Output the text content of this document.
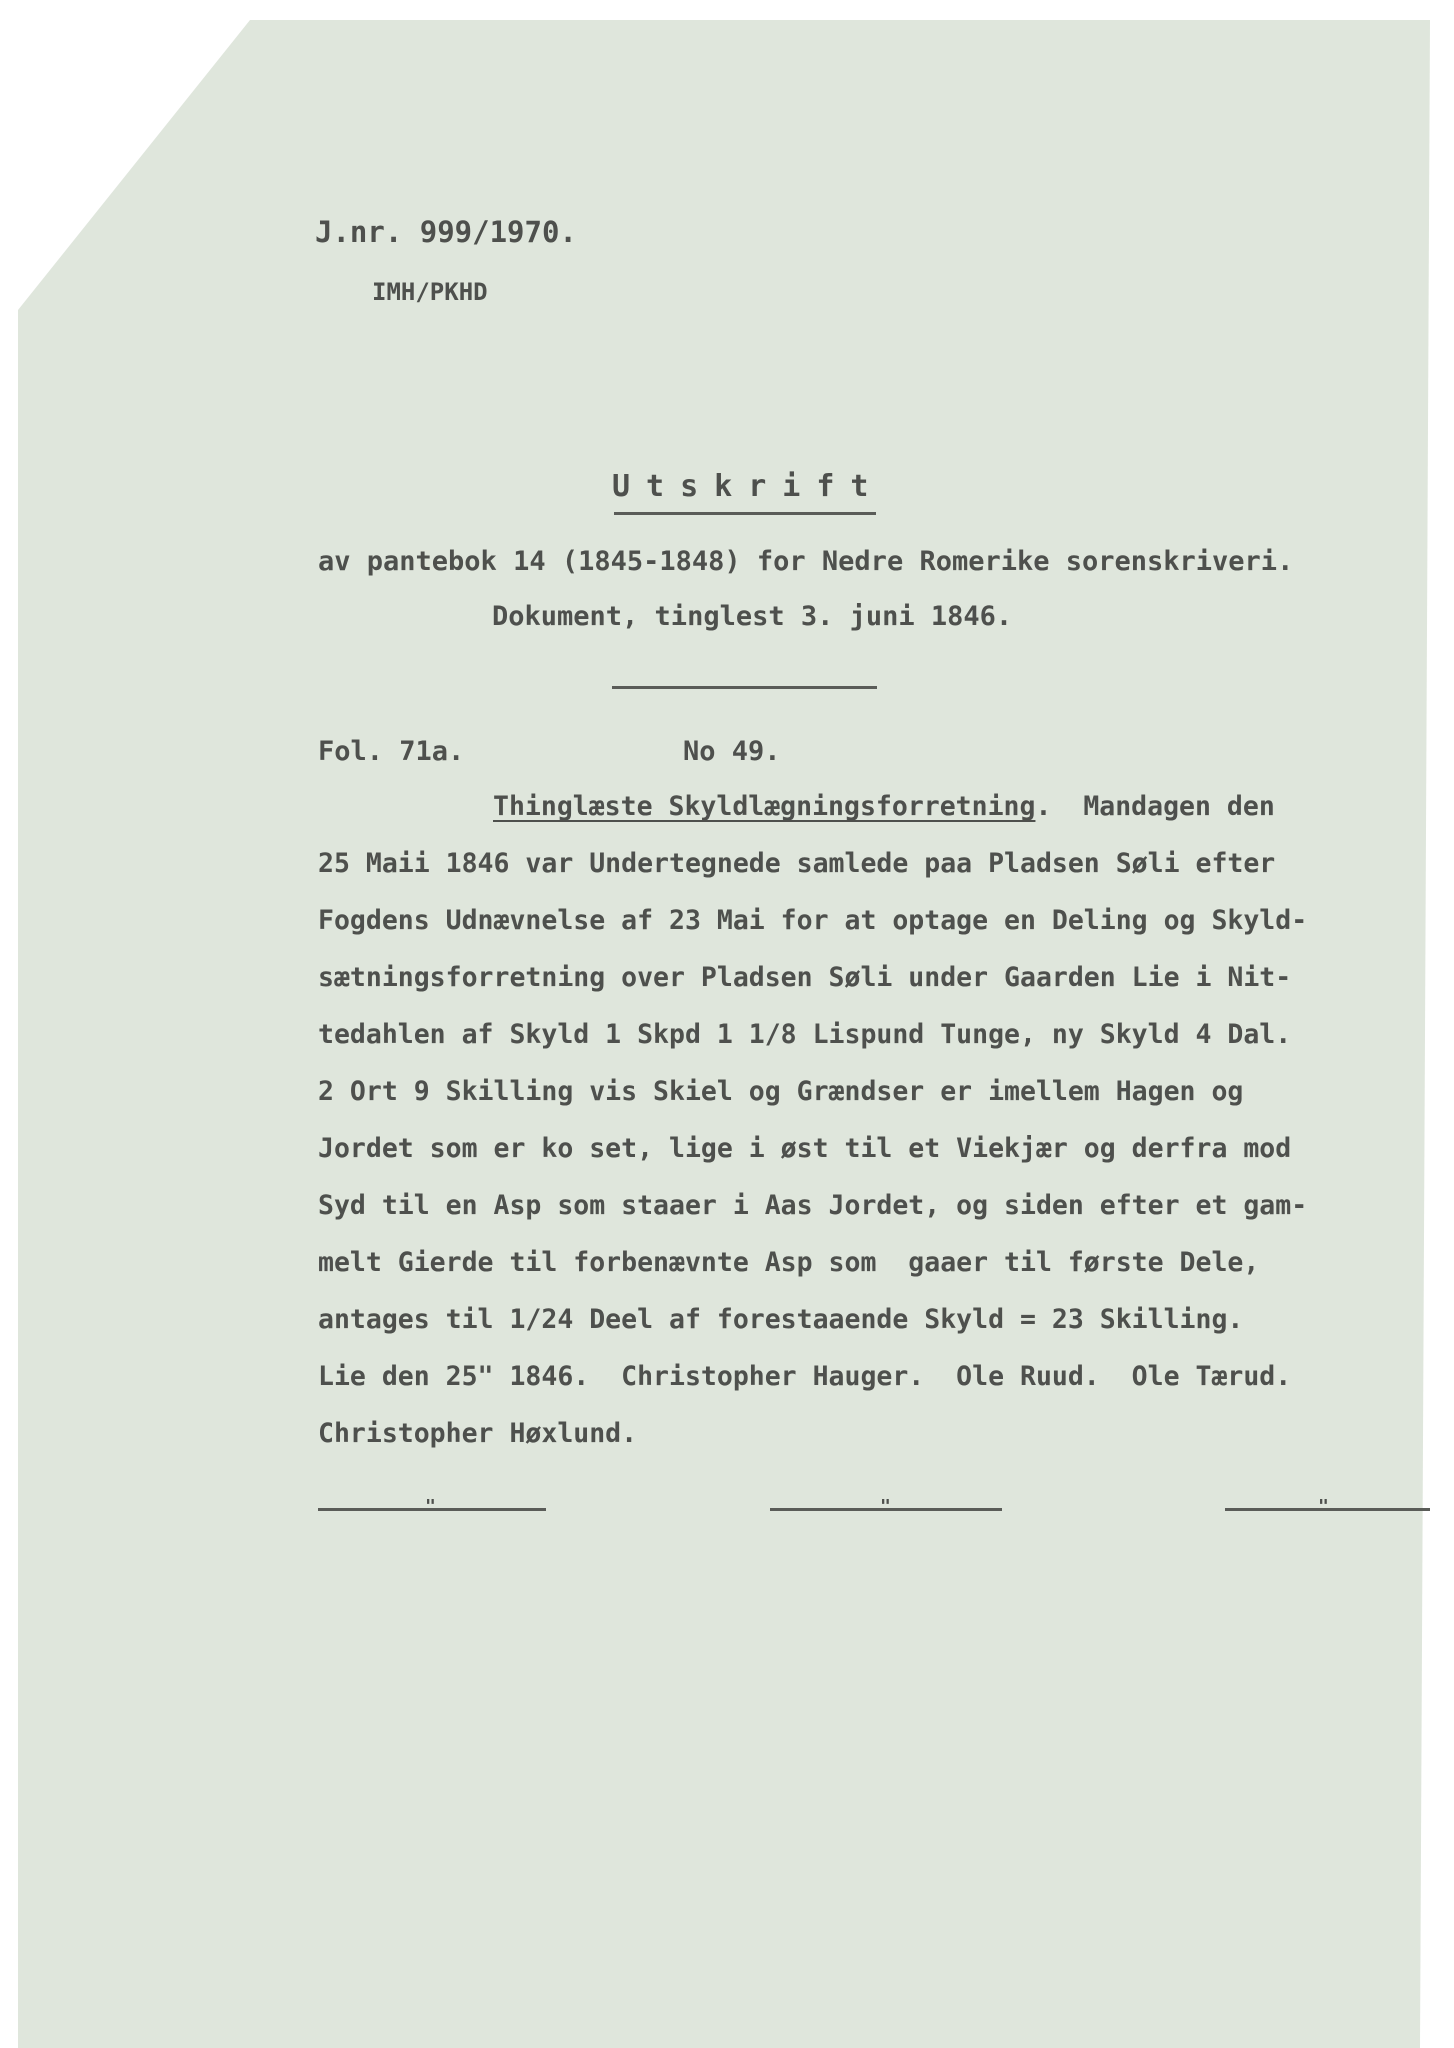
J.nr. 999/1970.
IMH/PKHD
Utskrift
av pantebok 14 (1845-1848) for Nedre Romerike sorenskriveri.
Dokument, tinglest 3. juni 1846.
Fol. 71a.	No 49.
Thinglæste Skyldlægningsforretning.  Mandagen den
25 Maii 1846 var Undertegnede samlede paa Pladsen Søli efter
Fogdens Udnævnelse af 23 Mai for at optage en Deling og Skyld-
sætningsforretning over Pladsen Søli under Gaarden Lie i Nit-
tedahlen af Skyld 1 Skpd 1 1/8 Lispund Tunge, ny Skyld 4 Dal.
2 Ort 9 Skilling vis Skiel og Grændser er imellem Hagen og
Jordet som er ko set, lige i øst til et Viekjær og derfra mod
Syd til en Asp som staaer i Aas Jordet, og siden efter et gam-
melt Gierde til forbenævnte Asp som  gaaer til første Dele,
antages til 1/24 Deel af forestaaende Skyld = 23 Skilling.
Lie den 25" 1846.  Christopher Hauger.  Ole Ruud.  Ole Tærud.
Christopher Høxlund.
"	"	"
